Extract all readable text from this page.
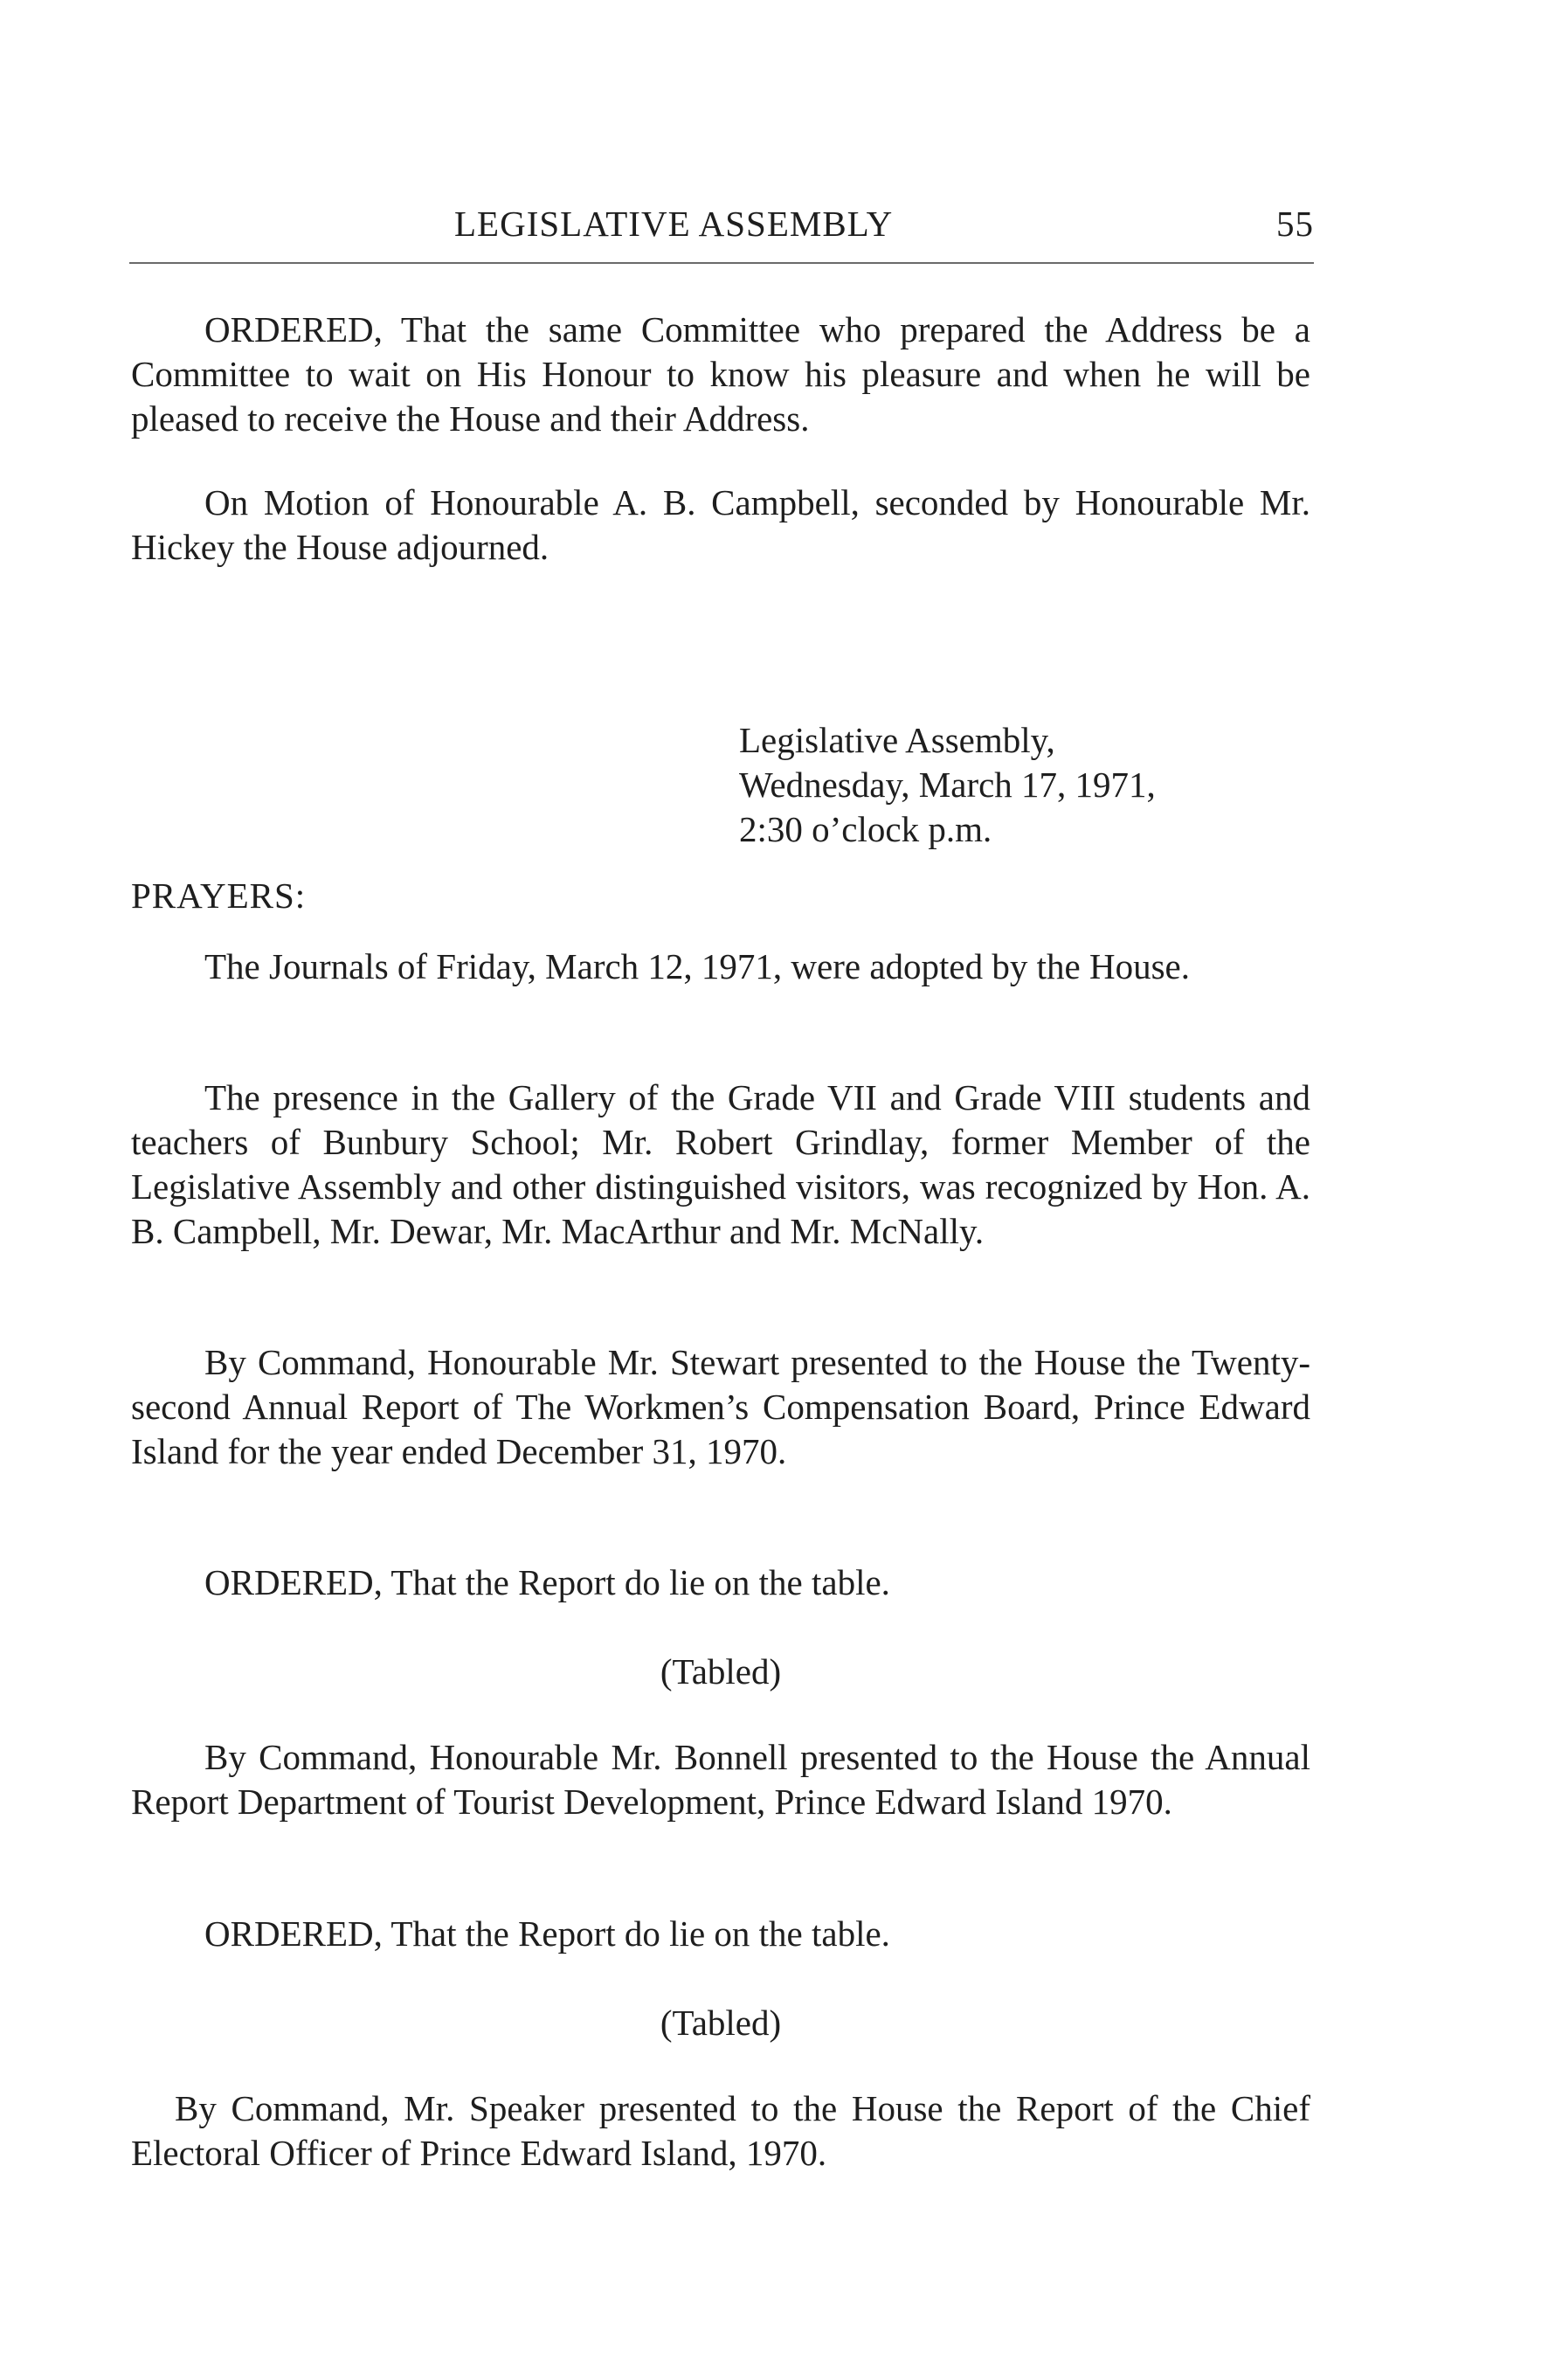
LEGISLATIVE ASSEMBLY	55

ORDERED, That the same Committee who prepared the Address be a Committee to wait on His Honour to know his pleasure and when he will be pleased to receive the House and their Address.

On Motion of Honourable A. B. Campbell, seconded by Honourable Mr. Hickey the House adjourned.

Legislative Assembly,
Wednesday, March 17, 1971,
2:30 o’clock p.m.

PRAYERS:

The Journals of Friday, March 12, 1971, were adopted by the House.

The presence in the Gallery of the Grade VII and Grade VIII students and teachers of Bunbury School; Mr. Robert Grindlay, former Member of the Legislative Assembly and other distinguished visitors, was recognized by Hon. A. B. Campbell, Mr. Dewar, Mr. MacArthur and Mr. McNally.

By Command, Honourable Mr. Stewart presented to the House the Twenty-second Annual Report of The Workmen’s Compensation Board, Prince Edward Island for the year ended December 31, 1970.

ORDERED, That the Report do lie on the table.

(Tabled)

By Command, Honourable Mr. Bonnell presented to the House the Annual Report Department of Tourist Development, Prince Edward Island 1970.

ORDERED, That the Report do lie on the table.

(Tabled)

By Command, Mr. Speaker presented to the House the Report of the Chief Electoral Officer of Prince Edward Island, 1970.
